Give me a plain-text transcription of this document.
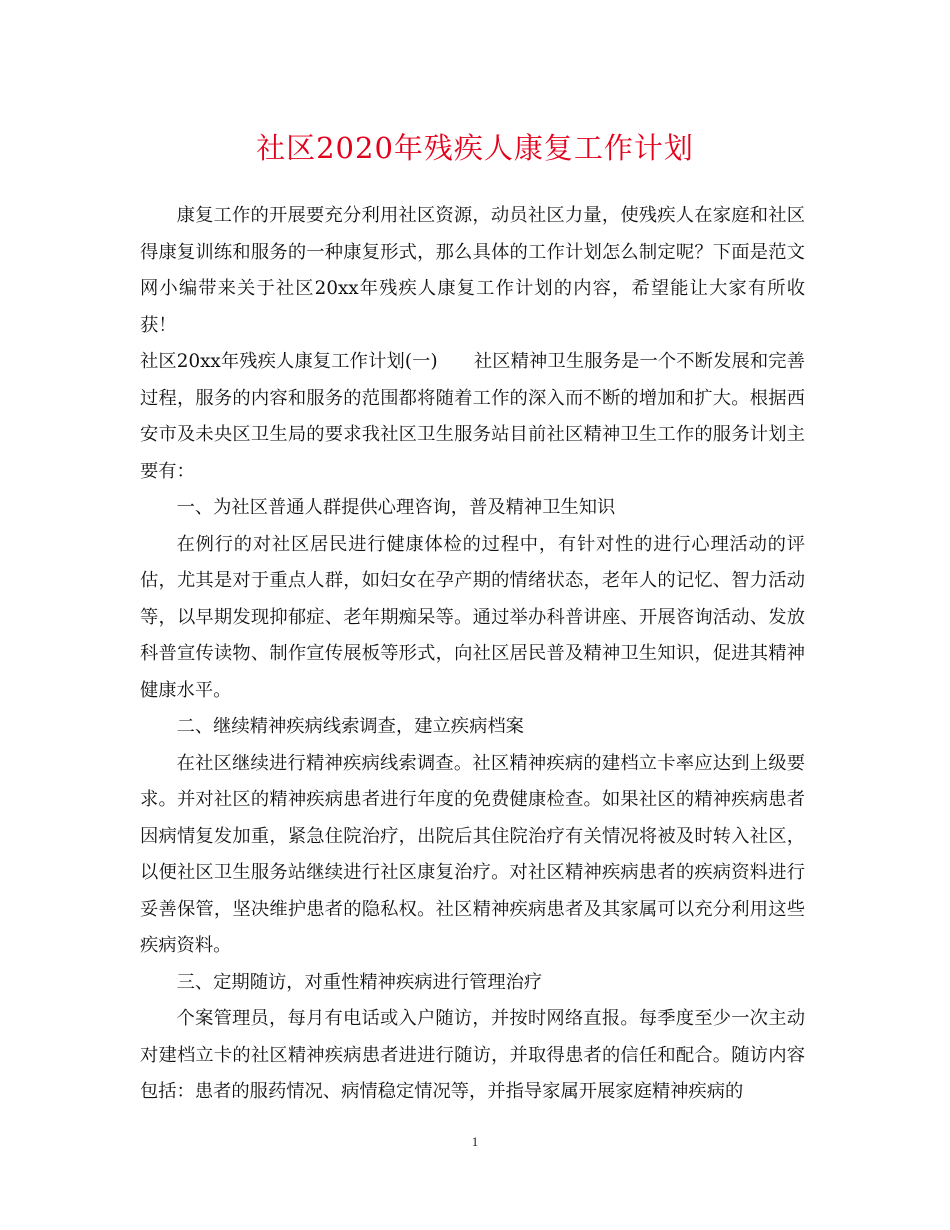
社区2020年残疾人康复工作计划

康复工作的开展要充分利用社区资源，动员社区力量，使残疾人在家庭和社区得康复训练和服务的一种康复形式，那么具体的工作计划怎么制定呢？下面是范文网小编带来关于社区20xx年残疾人康复工作计划的内容，希望能让大家有所收获！

社区20xx年残疾人康复工作计划(一) 社区精神卫生服务是一个不断发展和完善过程，服务的内容和服务的范围都将随着工作的深入而不断的增加和扩大。根据西安市及未央区卫生局的要求我社区卫生服务站目前社区精神卫生工作的服务计划主要有：

一、为社区普通人群提供心理咨询，普及精神卫生知识

在例行的对社区居民进行健康体检的过程中，有针对性的进行心理活动的评估，尤其是对于重点人群，如妇女在孕产期的情绪状态，老年人的记忆、智力活动等，以早期发现抑郁症、老年期痴呆等。通过举办科普讲座、开展咨询活动、发放科普宣传读物、制作宣传展板等形式，向社区居民普及精神卫生知识，促进其精神健康水平。

二、继续精神疾病线索调查，建立疾病档案

在社区继续进行精神疾病线索调查。社区精神疾病的建档立卡率应达到上级要求。并对社区的精神疾病患者进行年度的免费健康检查。如果社区的精神疾病患者因病情复发加重，紧急住院治疗，出院后其住院治疗有关情况将被及时转入社区，以便社区卫生服务站继续进行社区康复治疗。对社区精神疾病患者的疾病资料进行妥善保管，坚决维护患者的隐私权。社区精神疾病患者及其家属可以充分利用这些疾病资料。

三、定期随访，对重性精神疾病进行管理治疗

个案管理员，每月有电话或入户随访，并按时网络直报。每季度至少一次主动对建档立卡的社区精神疾病患者进进行随访，并取得患者的信任和配合。随访内容包括：患者的服药情况、病情稳定情况等，并指导家属开展家庭精神疾病的

1
